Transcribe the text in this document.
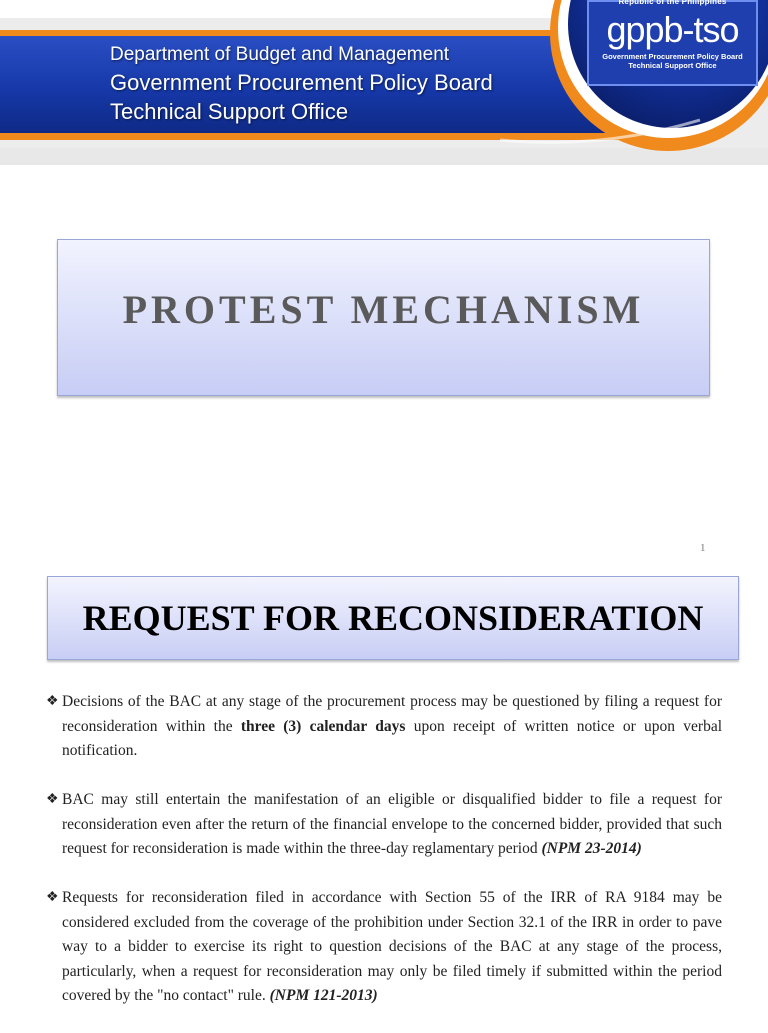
Department of Budget and Management
Government Procurement Policy Board
Technical Support Office
Republic of the Philippines
gppb-tso
Government Procurement Policy Board
Technical Support Office
PROTEST MECHANISM
1
REQUEST FOR RECONSIDERATION
❖ Decisions of the BAC at any stage of the procurement process may be questioned by filing a request for reconsideration within the three (3) calendar days upon receipt of written notice or upon verbal notification.
❖ BAC may still entertain the manifestation of an eligible or disqualified bidder to file a request for reconsideration even after the return of the financial envelope to the concerned bidder, provided that such request for reconsideration is made within the three-day reglamentary period (NPM 23-2014)
❖ Requests for reconsideration filed in accordance with Section 55 of the IRR of RA 9184 may be considered excluded from the coverage of the prohibition under Section 32.1 of the IRR in order to pave way to a bidder to exercise its right to question decisions of the BAC at any stage of the process, particularly, when a request for reconsideration may only be filed timely if submitted within the period covered by the "no contact" rule. (NPM 121-2013)
